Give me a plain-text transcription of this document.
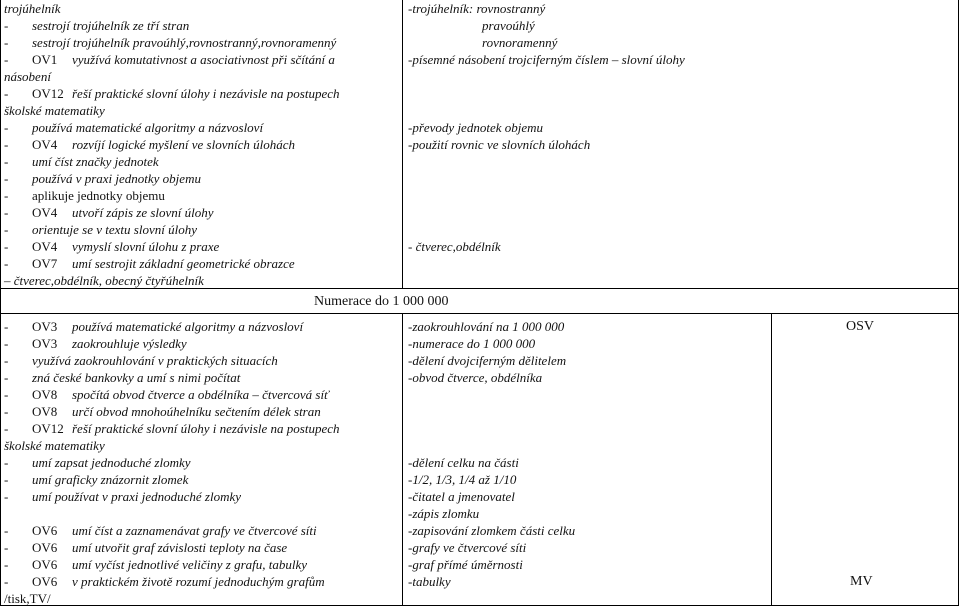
trojúhelník
- sestrojí trojúhelník ze tří stran
- sestrojí trojúhelník pravoúhlý,rovnostranný,rovnoramenný
- OV1 využívá komutativnost a asociativnost při sčítání a
násobení
- OV12 řeší praktické slovní úlohy i nezávisle na postupech
školské matematiky
- používá matematické algoritmy a názvosloví
- OV4 rozvíjí logické myšlení ve slovních úlohách
- umí číst značky jednotek
- používá v praxi jednotky objemu
- aplikuje jednotky objemu
- OV4 utvoří zápis ze slovní úlohy
- orientuje se v textu slovní úlohy
- OV4 vymyslí slovní úlohu z praxe
- OV7 umí sestrojit základní geometrické obrazce
– čtverec,obdélník, obecný čtyřúhelník
-trojúhelník: rovnostranný
pravoúhlý
rovnoramenný
-písemné násobení trojciferným číslem – slovní úlohy
-převody jednotek objemu
-použití rovnic ve slovních úlohách
- čtverec,obdélník
Numerace do 1 000 000
- OV3 používá matematické algoritmy a názvosloví
- OV3 zaokrouhluje výsledky
- využívá zaokrouhlování v praktických situacích
- zná české bankovky a umí s nimi počítat
- OV8 spočítá obvod čtverce a obdélníka – čtvercová síť
- OV8 určí obvod mnohoúhelníku sečtením délek stran
- OV12 řeší praktické slovní úlohy i nezávisle na postupech
školské matematiky
- umí zapsat jednoduché zlomky
- umí graficky znázornit zlomek
- umí používat v praxi jednoduché zlomky
- OV6 umí číst a zaznamenávat grafy ve čtvercové síti
- OV6 umí utvořit graf závislosti teploty na čase
- OV6 umí vyčíst jednotlivé veličiny z grafu, tabulky
- OV6 v praktickém životě rozumí jednoduchým grafům
/tisk,TV/
-zaokrouhlování na 1 000 000
-numerace do 1 000 000
-dělení dvojciferným dělitelem
-obvod čtverce, obdélníka
-dělení celku na části
-1/2, 1/3, 1/4 až 1/10
-čitatel a jmenovatel
-zápis zlomku
-zapisování zlomkem části celku
-grafy ve čtvercové síti
-graf přímé úměrnosti
-tabulky
OSV
MV
